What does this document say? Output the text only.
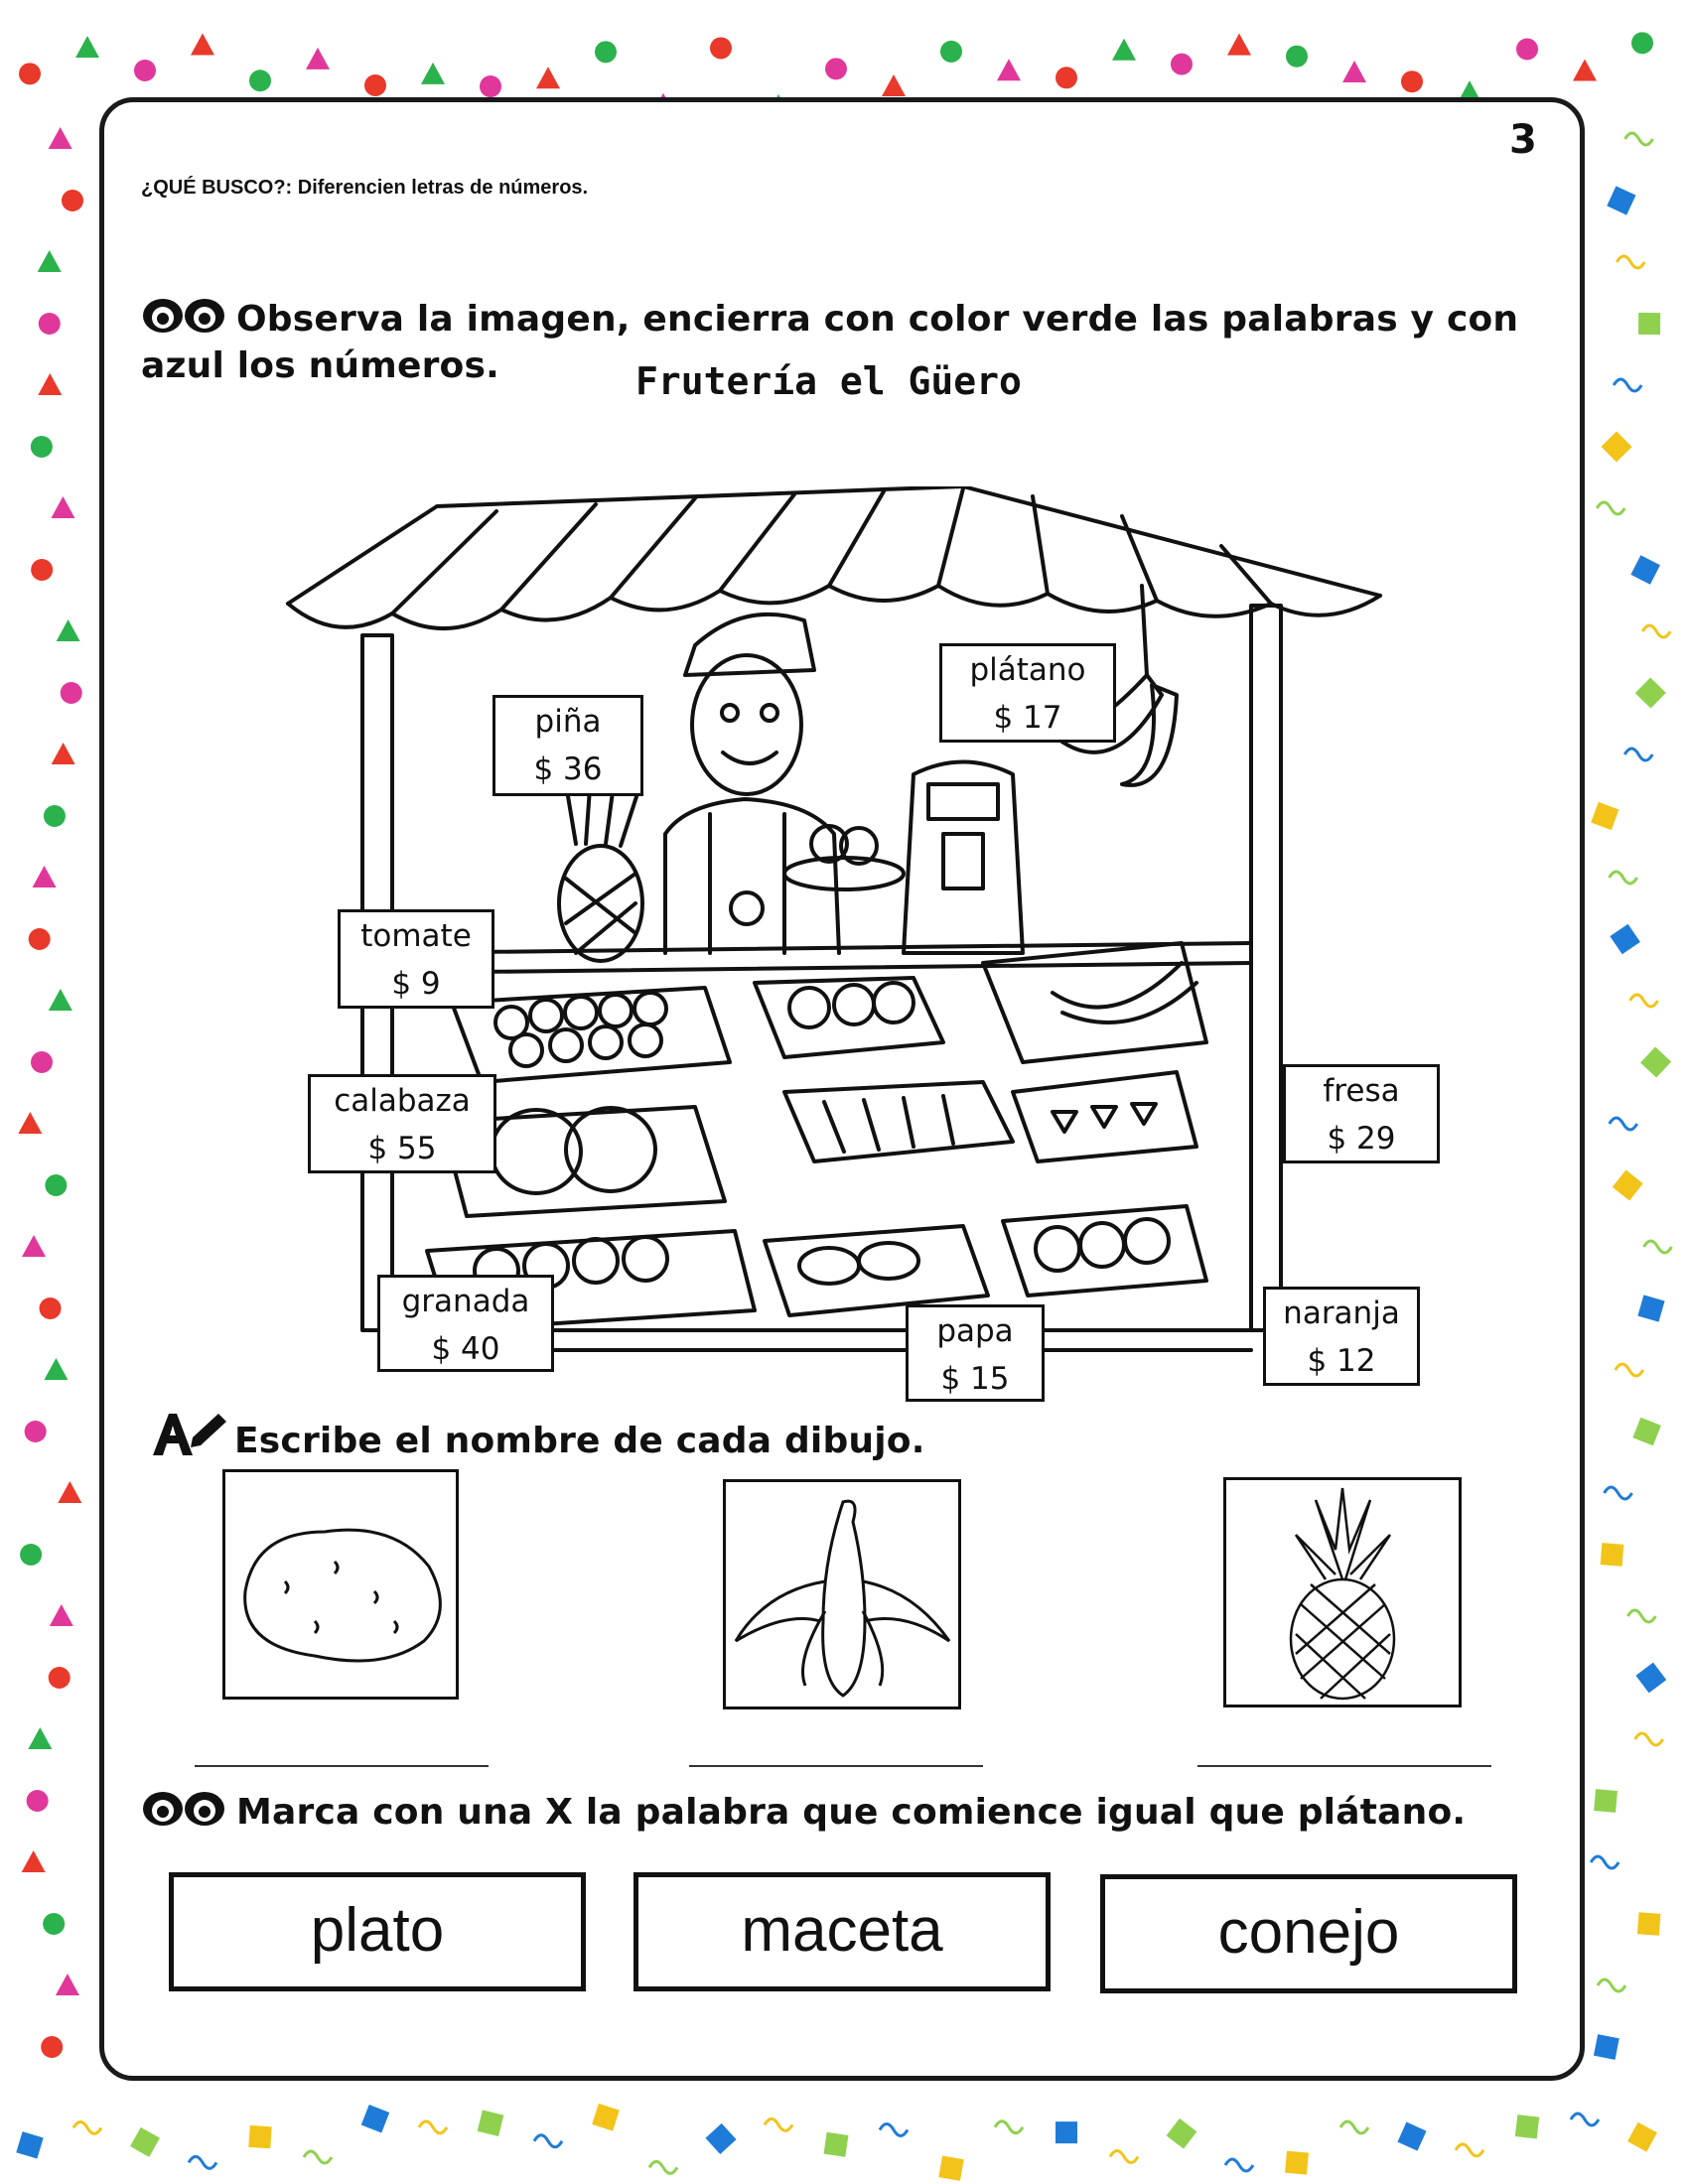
3
¿QUÉ BUSCO?: Diferencien letras de números.
Observa la imagen, encierra con color verde las palabras y con azul los números.	Frutería el Güero
piña
$ 36
plátano
$ 17
tomate
$ 9
calabaza
$ 55
fresa
$ 29
granada
$ 40	papa
$ 15
naranja
$ 12
Escribe el nombre de cada dibujo.
Marca con una X la palabra que comience igual que plátano.
plato	maceta	conejo
